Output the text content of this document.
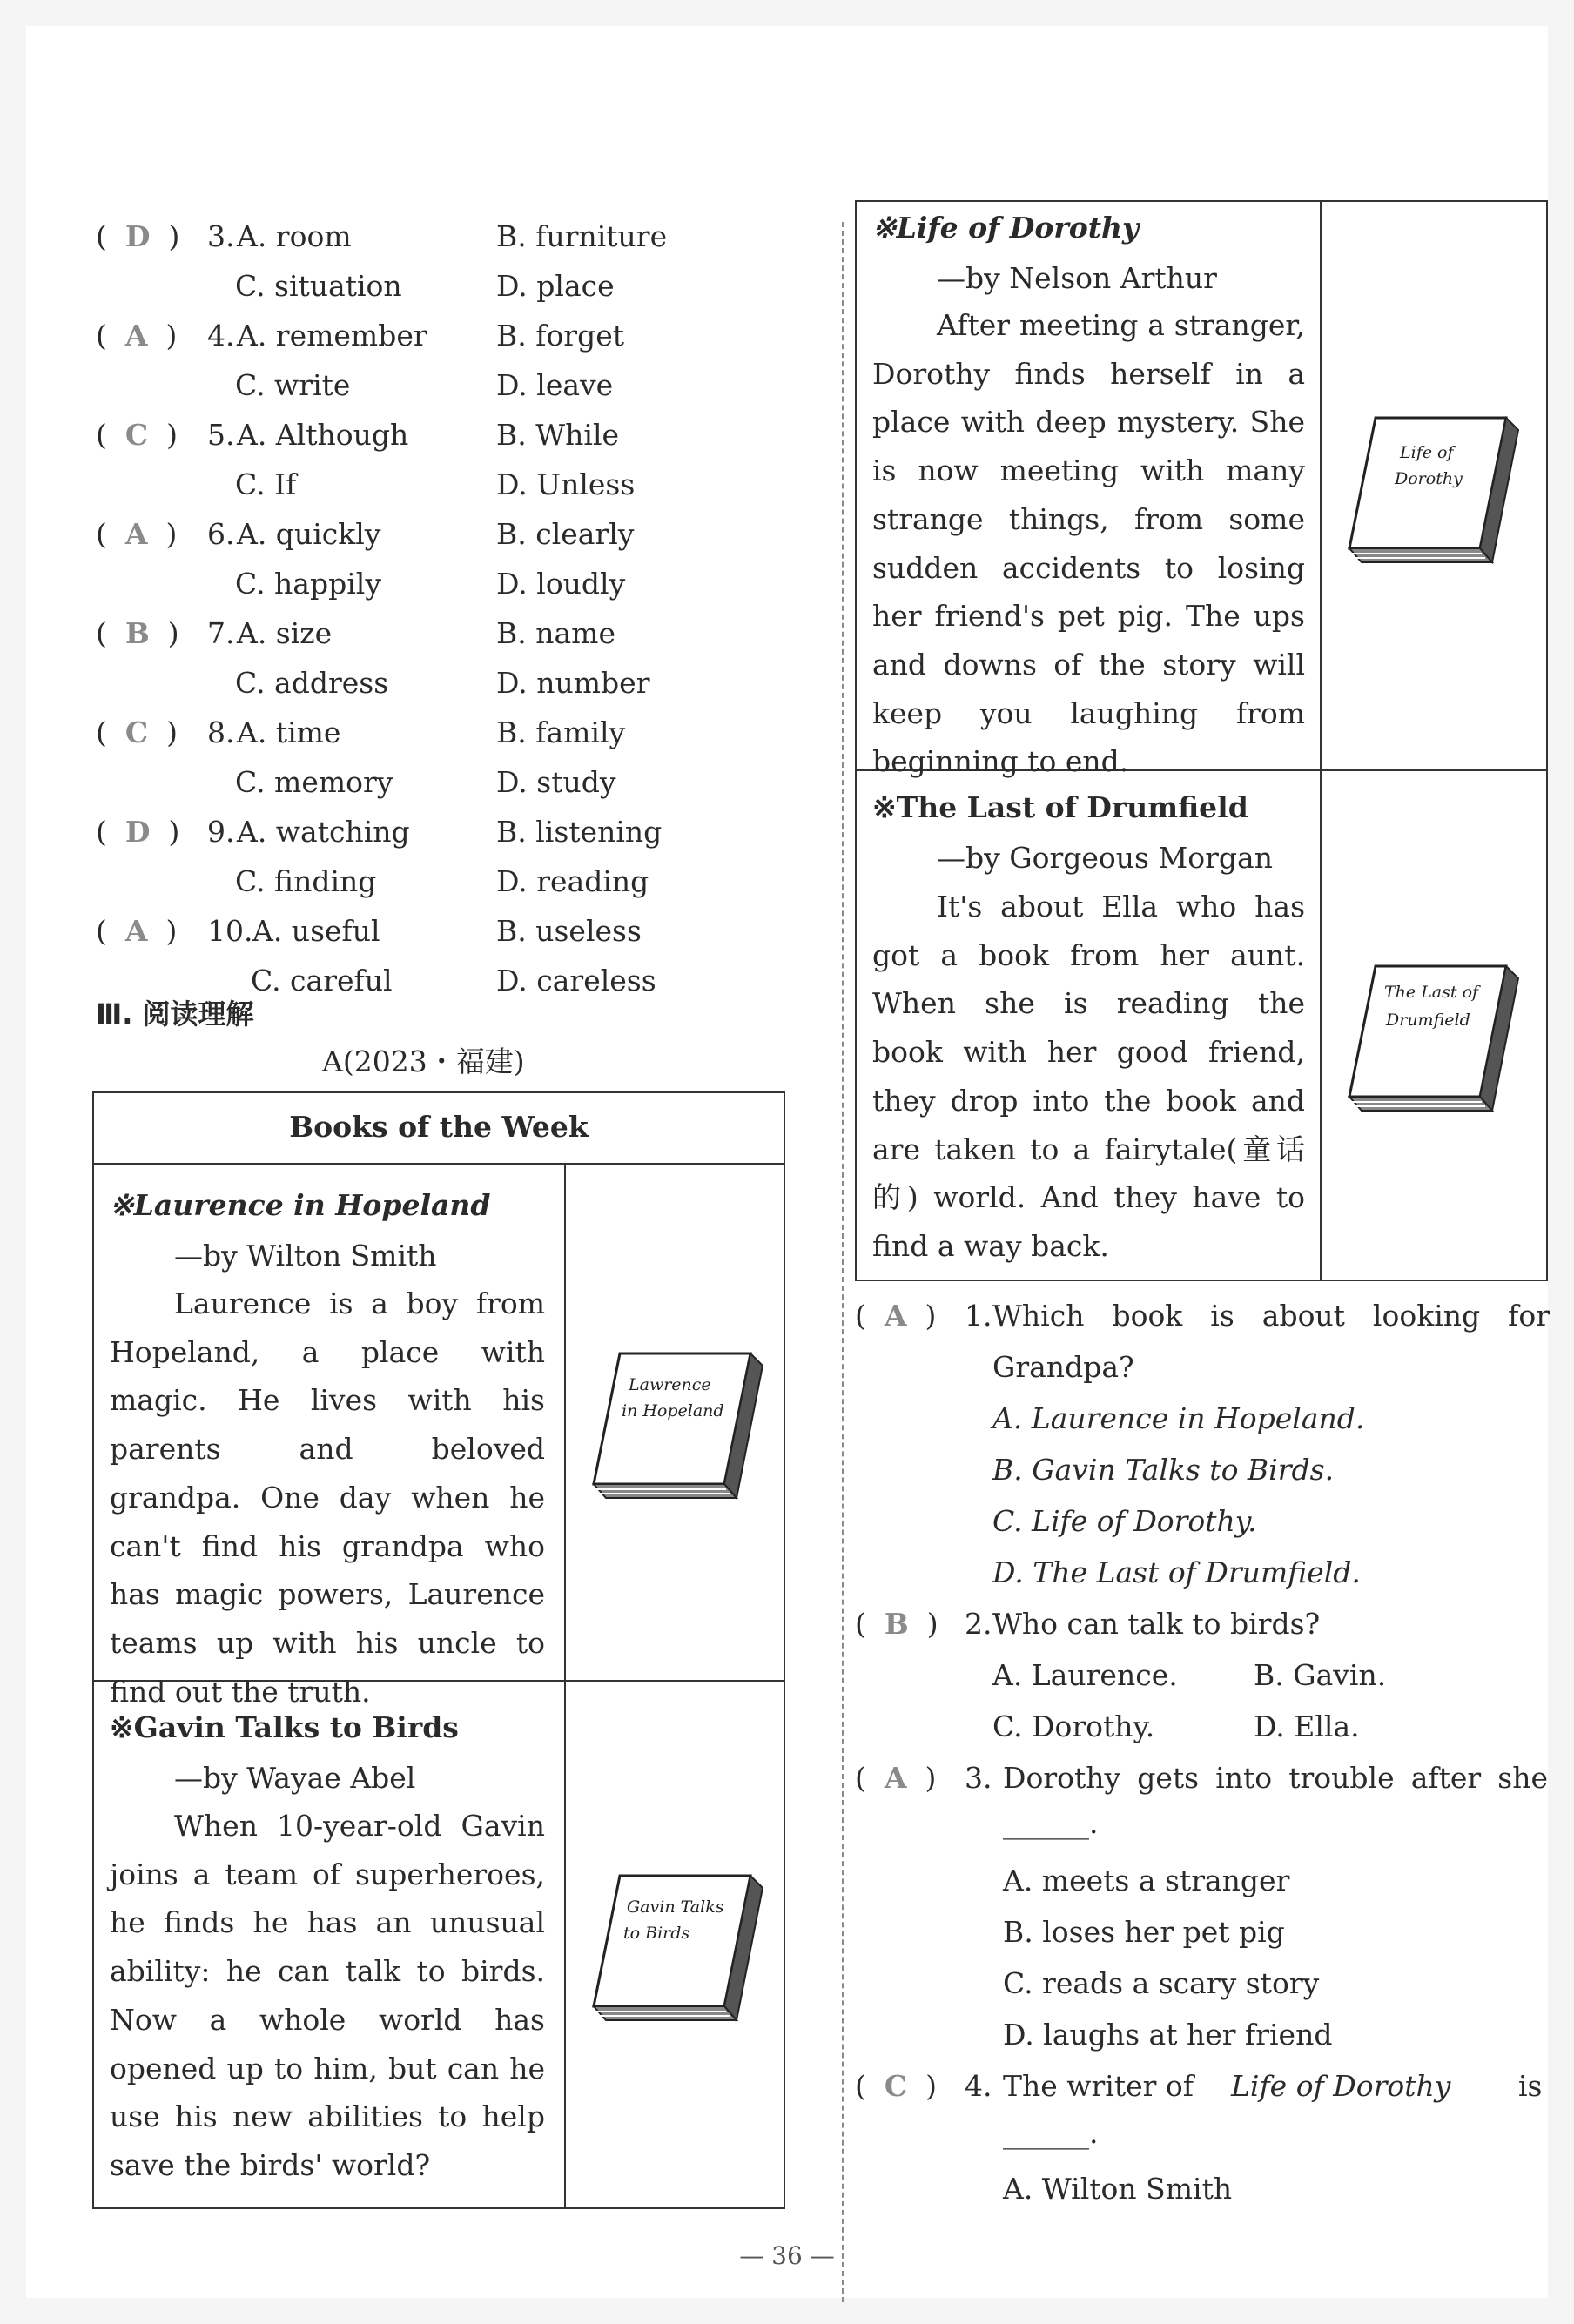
(  D  ) 3. A. room	B. furniture
C. situation	D. place
(  A  ) 4. A. remember B. forget
C. write	D. leave
(  C  ) 5. A. Although	B. While
C. If	D. Unless
(  A  ) 6. A. quickly	B. clearly
C. happily	D. loudly
(  B  ) 7. A. size	B. name
C. address	D. number
(  C  ) 8. A. time	B. family
C. memory	D. study
(  D  ) 9. A. watching	B. listening
C. finding	D. reading
(  A  ) 10. A. useful	B. useless
C. careful	D. careless
Ⅲ. 阅读理解
A(2023・福建)
Books of the Week
※Laurence in Hopeland
—by Wilton Smith
Laurence is a boy from Hopeland, a place with magic. He lives with his parents and beloved grandpa. One day when he can't find his grandpa who has magic powers, Laurence teams up with his uncle to find out the truth.
※Gavin Talks to Birds
—by Wayae Abel
When 10-year-old Gavin joins a team of superheroes, he finds he has an unusual ability: he can talk to birds. Now a whole world has opened up to him, but can he use his new abilities to help save the birds' world?
Lawrence
in Hopeland
Gavin Talks
to Birds
※Life of Dorothy
—by Nelson Arthur
After meeting a stranger, Dorothy finds herself in a place with deep mystery. She is now meeting with many strange things, from some sudden accidents to losing her friend's pet pig. The ups and downs of the story will keep you laughing from beginning to end.
※The Last of Drumfield
—by Gorgeous Morgan
It's about Ella who has got a book from her aunt. When she is reading the book with her good friend, they drop into the book and are taken to a fairytale(童话的) world. And they have to find a way back.
Life of
Dorothy
The Last of
Drumfield
(  A  ) 1. Which book is about looking for
Grandpa?
A. Laurence in Hopeland.
B. Gavin Talks to Birds.
C. Life of Dorothy.
D. The Last of Drumfield.
(  B  ) 2. Who can talk to birds?
A. Laurence.	B. Gavin.
C. Dorothy.	D. Ella.
(  A  ) 3. Dorothy gets into trouble after she
______.
A. meets a stranger
B. loses her pet pig
C. reads a scary story
D. laughs at her friend
(  C  ) 4. The writer of Life of Dorothy is
______.
A. Wilton Smith
— 36 —
